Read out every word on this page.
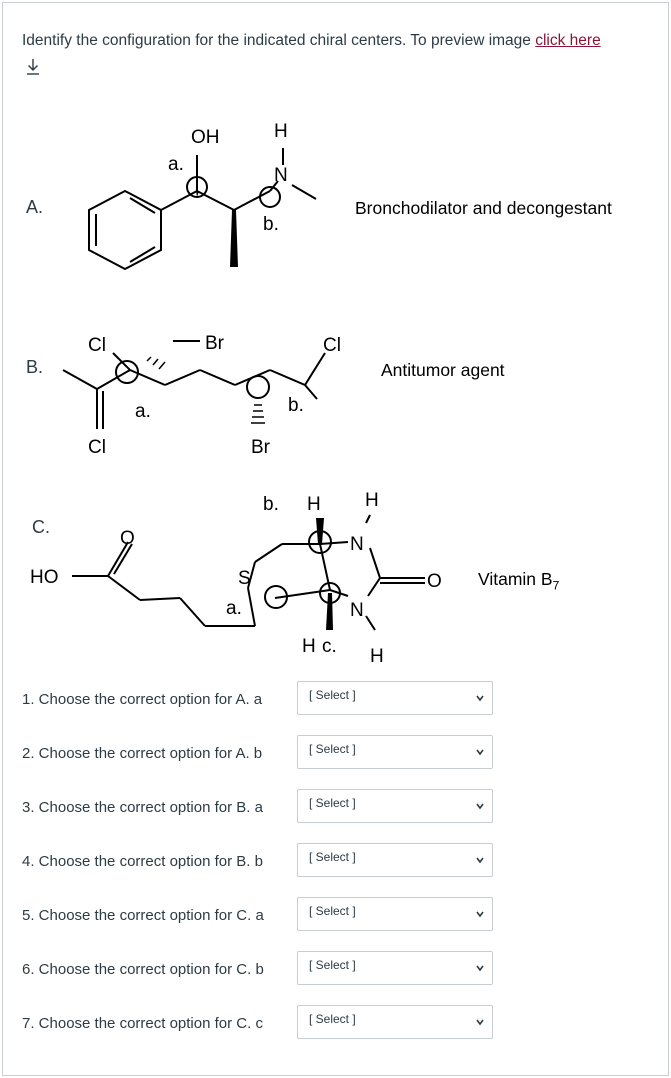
Identify the configuration for the indicated chiral centers. To preview image click here
A.
OH	H
N
a.
b.
Bronchodilator and decongestant
B.
Cl	Br	Cl
a.	b.
Cl	Br
Antitumor agent
C.
HO
O
S
b. H H
N
N
a.
H c. H
O Vitamin $B_7$
1. Choose the correct option for A. a	[ Select ]
2. Choose the correct option for A. b	[ Select ]
3. Choose the correct option for B. a	[ Select ]
4. Choose the correct option for B. b	[ Select ]
5. Choose the correct option for C. a	[ Select ]
6. Choose the correct option for C. b	[ Select ]
7. Choose the correct option for C. c	[ Select ]
